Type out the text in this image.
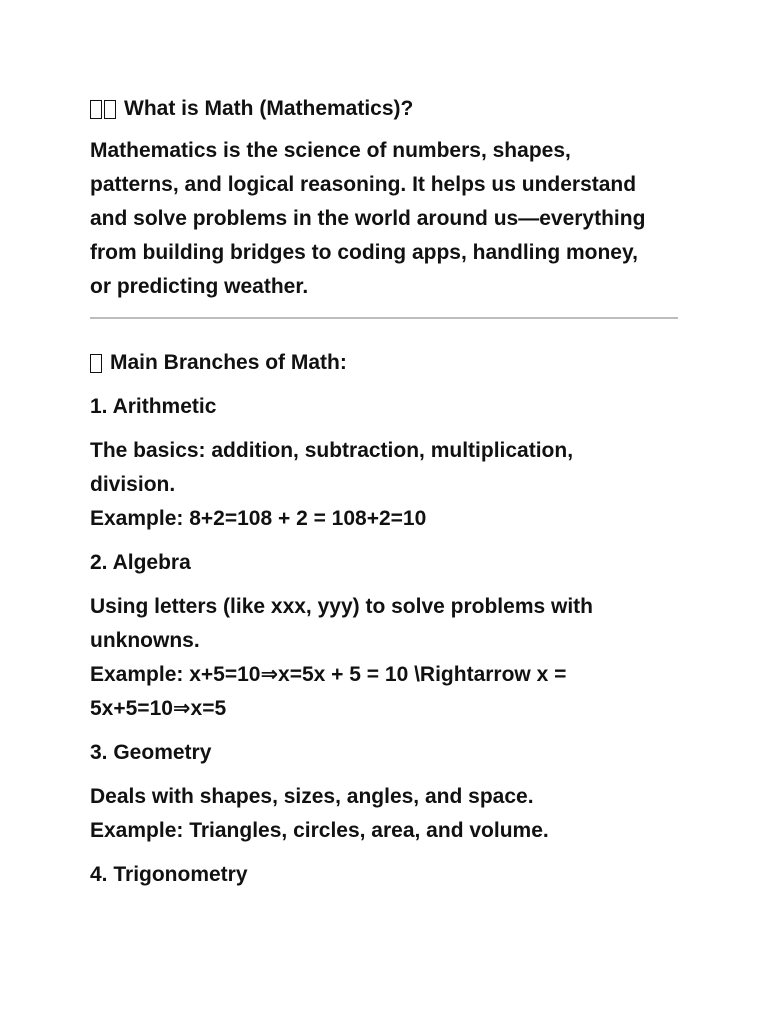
What is Math (Mathematics)?

Mathematics is the science of numbers, shapes,

patterns, and logical reasoning. It helps us understand

and solve problems in the world around us—everything

from building bridges to coding apps, handling money,

or predicting weather.

Main Branches of Math:

1. Arithmetic

The basics: addition, subtraction, multiplication,

division.

Example: 8+2=108 + 2 = 108+2=10

2. Algebra

Using letters (like xxx, yyy) to solve problems with

unknowns.

Example: x+5=10⇒x=5x + 5 = 10 \Rightarrow x =

5x+5=10⇒x=5

3. Geometry

Deals with shapes, sizes, angles, and space.

Example: Triangles, circles, area, and volume.

4. Trigonometry
